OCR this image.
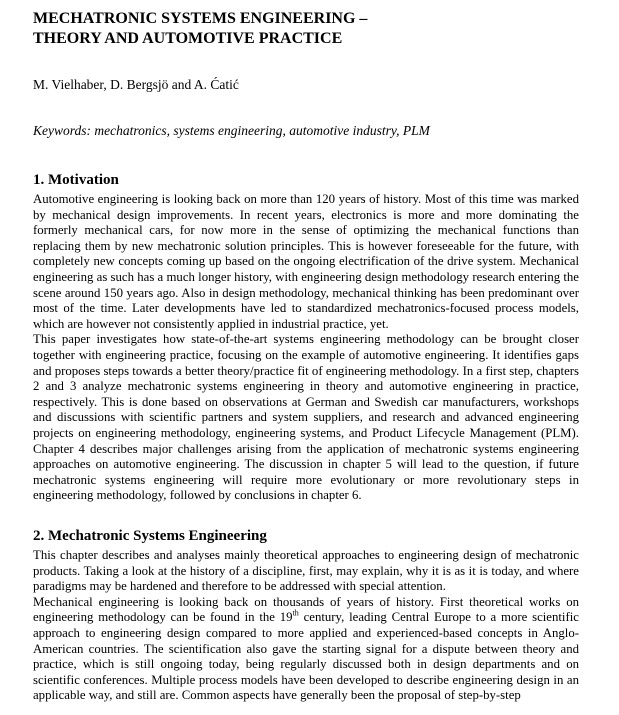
MECHATRONIC SYSTEMS ENGINEERING –
THEORY AND AUTOMOTIVE PRACTICE

M. Vielhaber, D. Bergsjö and A. Ćatić

Keywords: mechatronics, systems engineering, automotive industry, PLM

1. Motivation

Automotive engineering is looking back on more than 120 years of history. Most of this time was marked by mechanical design improvements. In recent years, electronics is more and more dominating the formerly mechanical cars, for now more in the sense of optimizing the mechanical functions than replacing them by new mechatronic solution principles. This is however foreseeable for the future, with completely new concepts coming up based on the ongoing electrification of the drive system. Mechanical engineering as such has a much longer history, with engineering design methodology research entering the scene around 150 years ago. Also in design methodology, mechanical thinking has been predominant over most of the time. Later developments have led to standardized mechatronics-focused process models, which are however not consistently applied in industrial practice, yet.

This paper investigates how state-of-the-art systems engineering methodology can be brought closer together with engineering practice, focusing on the example of automotive engineering. It identifies gaps and proposes steps towards a better theory/practice fit of engineering methodology. In a first step, chapters 2 and 3 analyze mechatronic systems engineering in theory and automotive engineering in practice, respectively. This is done based on observations at German and Swedish car manufacturers, workshops and discussions with scientific partners and system suppliers, and research and advanced engineering projects on engineering methodology, engineering systems, and Product Lifecycle Management (PLM). Chapter 4 describes major challenges arising from the application of mechatronic systems engineering approaches on automotive engineering. The discussion in chapter 5 will lead to the question, if future mechatronic systems engineering will require more evolutionary or more revolutionary steps in engineering methodology, followed by conclusions in chapter 6.

2. Mechatronic Systems Engineering

This chapter describes and analyses mainly theoretical approaches to engineering design of mechatronic products. Taking a look at the history of a discipline, first, may explain, why it is as it is today, and where paradigms may be hardened and therefore to be addressed with special attention.

Mechanical engineering is looking back on thousands of years of history. First theoretical works on engineering methodology can be found in the 19th century, leading Central Europe to a more scientific approach to engineering design compared to more applied and experienced-based concepts in Anglo-American countries. The scientification also gave the starting signal for a dispute between theory and practice, which is still ongoing today, being regularly discussed both in design departments and on scientific conferences. Multiple process models have been developed to describe engineering design in an applicable way, and still are. Common aspects have generally been the proposal of step-by-step
